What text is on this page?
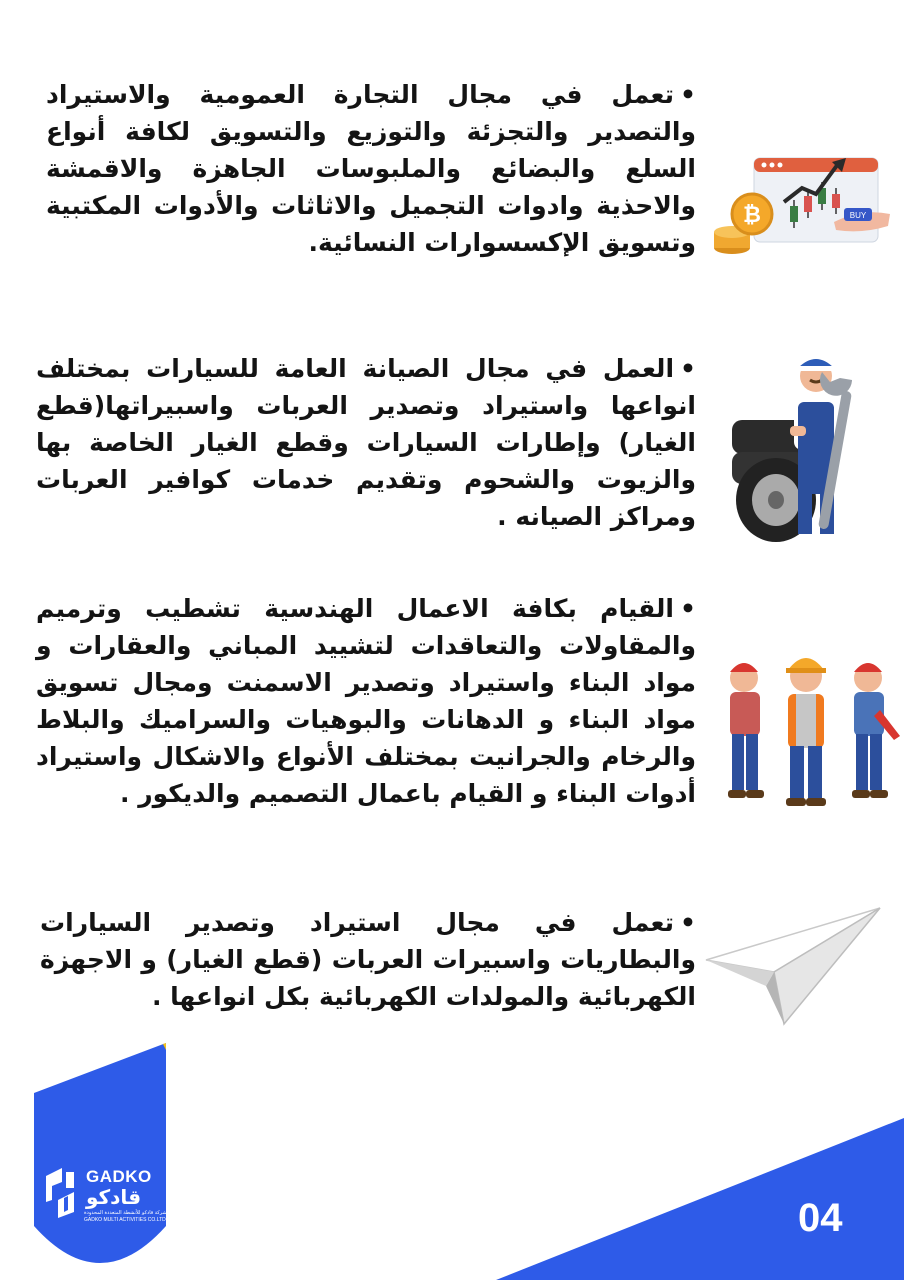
•تعمل في مجال التجارة العمومية والاستيراد والتصدير والتجزئة والتوزيع والتسويق لكافة أنواع السلع والبضائع والملبوسات الجاهزة والاقمشة والاحذية وادوات التجميل والاثاثات والأدوات المكتبية وتسويق الإكسسوارات النسائية.

•العمل في مجال الصيانة العامة للسيارات بمختلف انواعها واستيراد وتصدير العربات واسبيراتها(قطع الغيار) وإطارات السيارات وقطع الغيار الخاصة بها والزيوت والشحوم وتقديم خدمات كوافير العربات ومراكز الصيانه .

•القيام بكافة الاعمال الهندسية تشطيب وترميم والمقاولات والتعاقدات لتشييد المباني والعقارات و مواد البناء واستيراد وتصدير الاسمنت ومجال تسويق مواد البناء و الدهانات والبوهيات والسراميك والبلاط والرخام والجرانيت بمختلف الأنواع والاشكال واستيراد أدوات البناء و القيام باعمال التصميم والديكور .

•تعمل في مجال استيراد وتصدير السيارات والبطاريات واسبيرات العربات (قطع الغيار) و الاجهزة الكهربائية والمولدات الكهربائية بكل انواعها .

BUY
₿
GADKO
قادكو
شركة قادكو للأنشطة المتعددة المحدودة
GADKO MULTI ACTIVITIES CO.LTD	04
